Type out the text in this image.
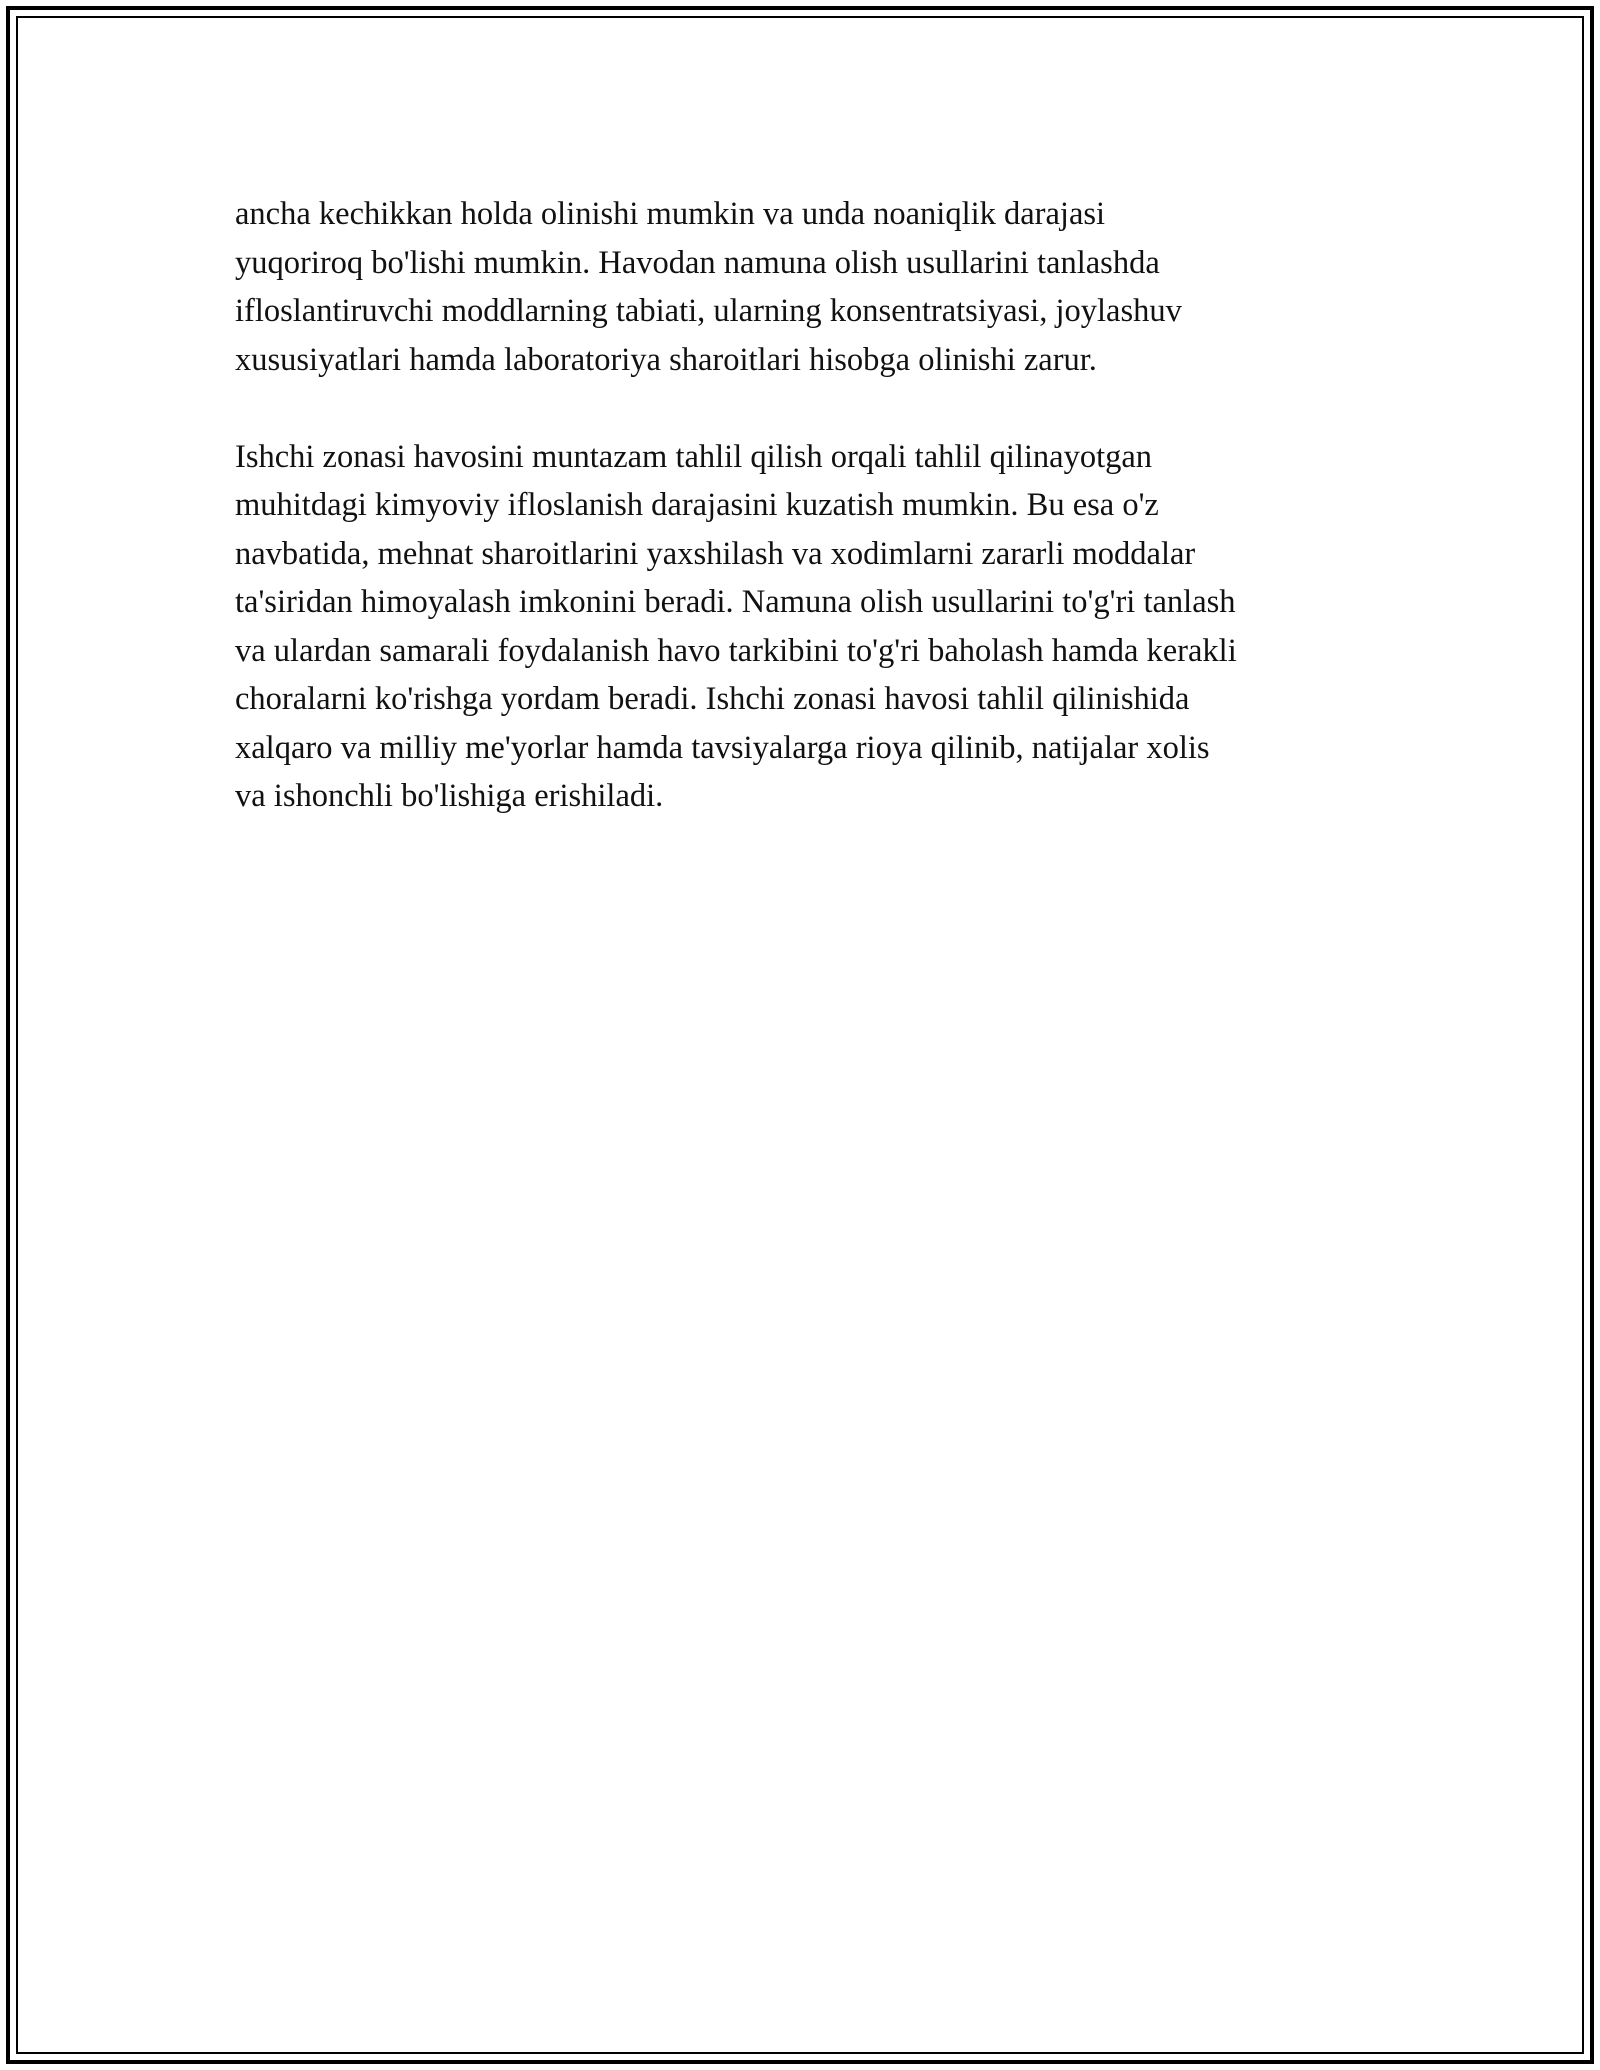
ancha kechikkan holda olinishi mumkin va unda noaniqlik darajasi
yuqoriroq bo'lishi mumkin. Havodan namuna olish usullarini tanlashda
ifloslantiruvchi moddlarning tabiati, ularning konsentratsiyasi, joylashuv
xususiyatlari hamda laboratoriya sharoitlari hisobga olinishi zarur.

Ishchi zonasi havosini muntazam tahlil qilish orqali tahlil qilinayotgan
muhitdagi kimyoviy ifloslanish darajasini kuzatish mumkin. Bu esa o'z
navbatida, mehnat sharoitlarini yaxshilash va xodimlarni zararli moddalar
ta'siridan himoyalash imkonini beradi. Namuna olish usullarini to'g'ri tanlash
va ulardan samarali foydalanish havo tarkibini to'g'ri baholash hamda kerakli
choralarni ko'rishga yordam beradi. Ishchi zonasi havosi tahlil qilinishida
xalqaro va milliy me'yorlar hamda tavsiyalarga rioya qilinib, natijalar xolis
va ishonchli bo'lishiga erishiladi.
